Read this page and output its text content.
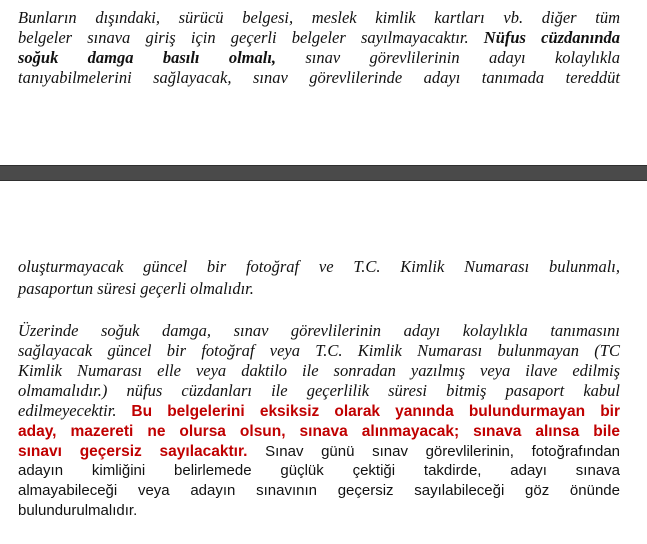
Bunların dışındaki, sürücü belgesi, meslek kimlik kartları vb. diğer tüm
belgeler sınava giriş için geçerli belgeler sayılmayacaktır. Nüfus cüzdanında
soğuk damga basılı olmalı, sınav görevlilerinin adayı kolaylıkla
tanıyabilmelerini sağlayacak, sınav görevlilerinde adayı tanımada tereddüt
oluşturmayacak güncel bir fotoğraf ve T.C. Kimlik Numarası bulunmalı,
pasaportun süresi geçerli olmalıdır.
Üzerinde soğuk damga, sınav görevlilerinin adayı kolaylıkla tanımasını
sağlayacak güncel bir fotoğraf veya T.C. Kimlik Numarası bulunmayan (TC
Kimlik Numarası elle veya daktilo ile sonradan yazılmış veya ilave edilmiş
olmamalıdır.) nüfus cüzdanları ile geçerlilik süresi bitmiş pasaport kabul
edilmeyecektir. Bu belgelerini eksiksiz olarak yanında bulundurmayan bir
aday, mazereti ne olursa olsun, sınava alınmayacak; sınava alınsa bile
sınavı geçersiz sayılacaktır. Sınav günü sınav görevlilerinin, fotoğrafından
adayın kimliğini belirlemede güçlük çektiği takdirde, adayı sınava
almayabileceği veya adayın sınavının geçersiz sayılabileceği göz önünde
bulundurulmalıdır.
